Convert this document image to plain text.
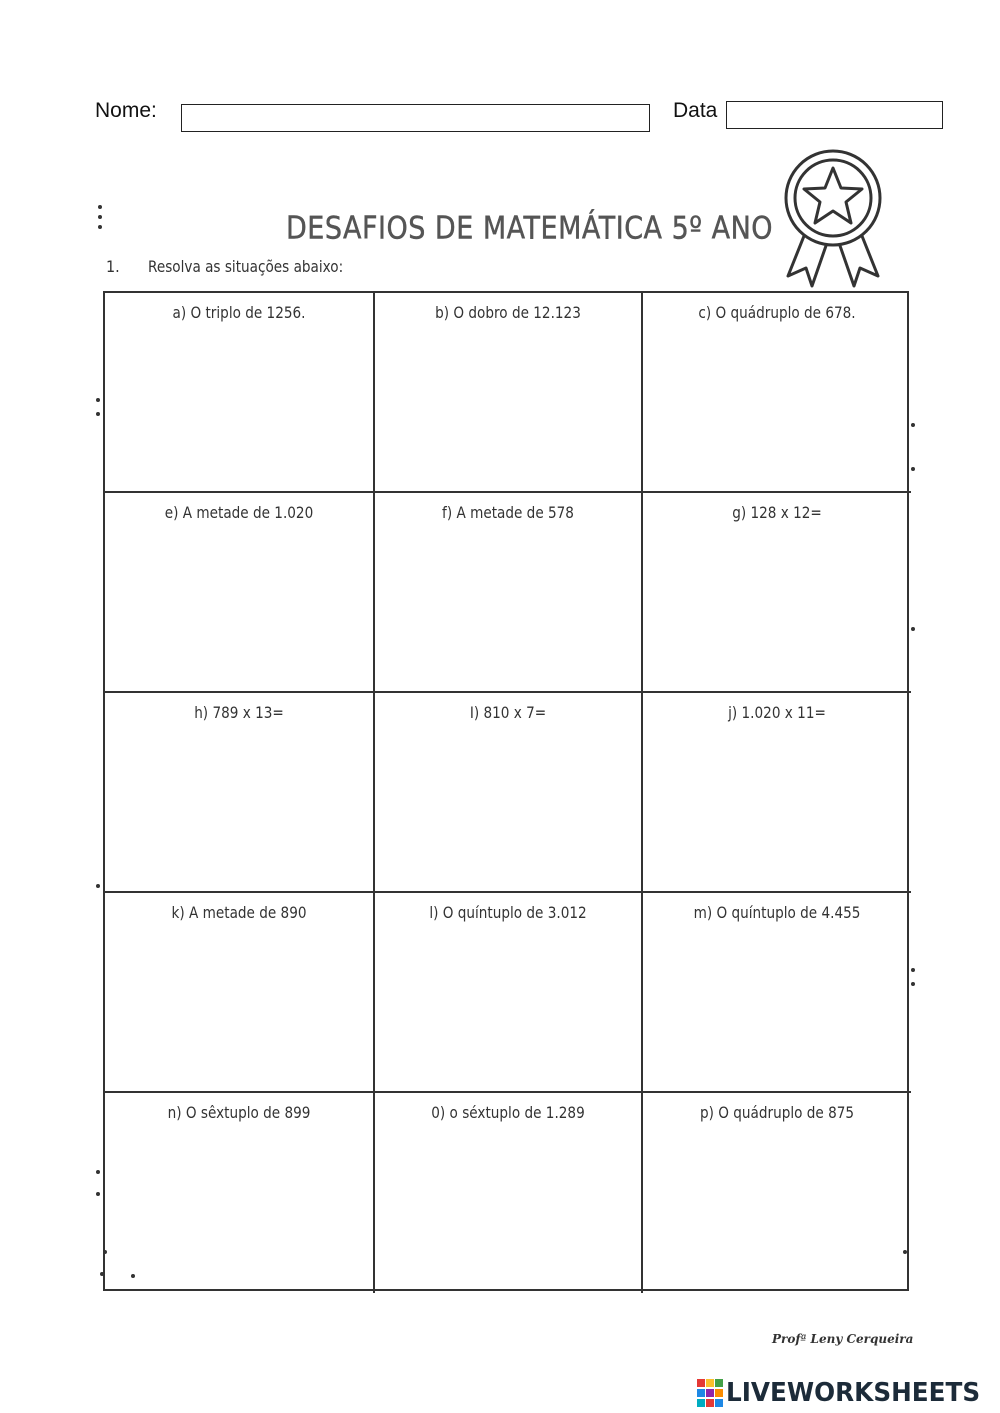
Nome:	Data
DESAFIOS DE MATEMÁTICA 5º ANO
1. Resolva as situações abaixo:
a) O triplo de 1256.	b) O dobro de 12.123	c) O quádruplo de 678.
e) A metade de 1.020	f) A metade de 578	g) 128 x 12=
h) 789 x 13=	I) 810 x 7=	j) 1.020 x 11=
k) A metade de 890	l) O quíntuplo de 3.012	m) O quíntuplo de 4.455
n) O sêxtuplo de 899	0) o séxtuplo de 1.289	p) O quádruplo de 875
Profª Leny Cerqueira
LIVEWORKSHEETS
